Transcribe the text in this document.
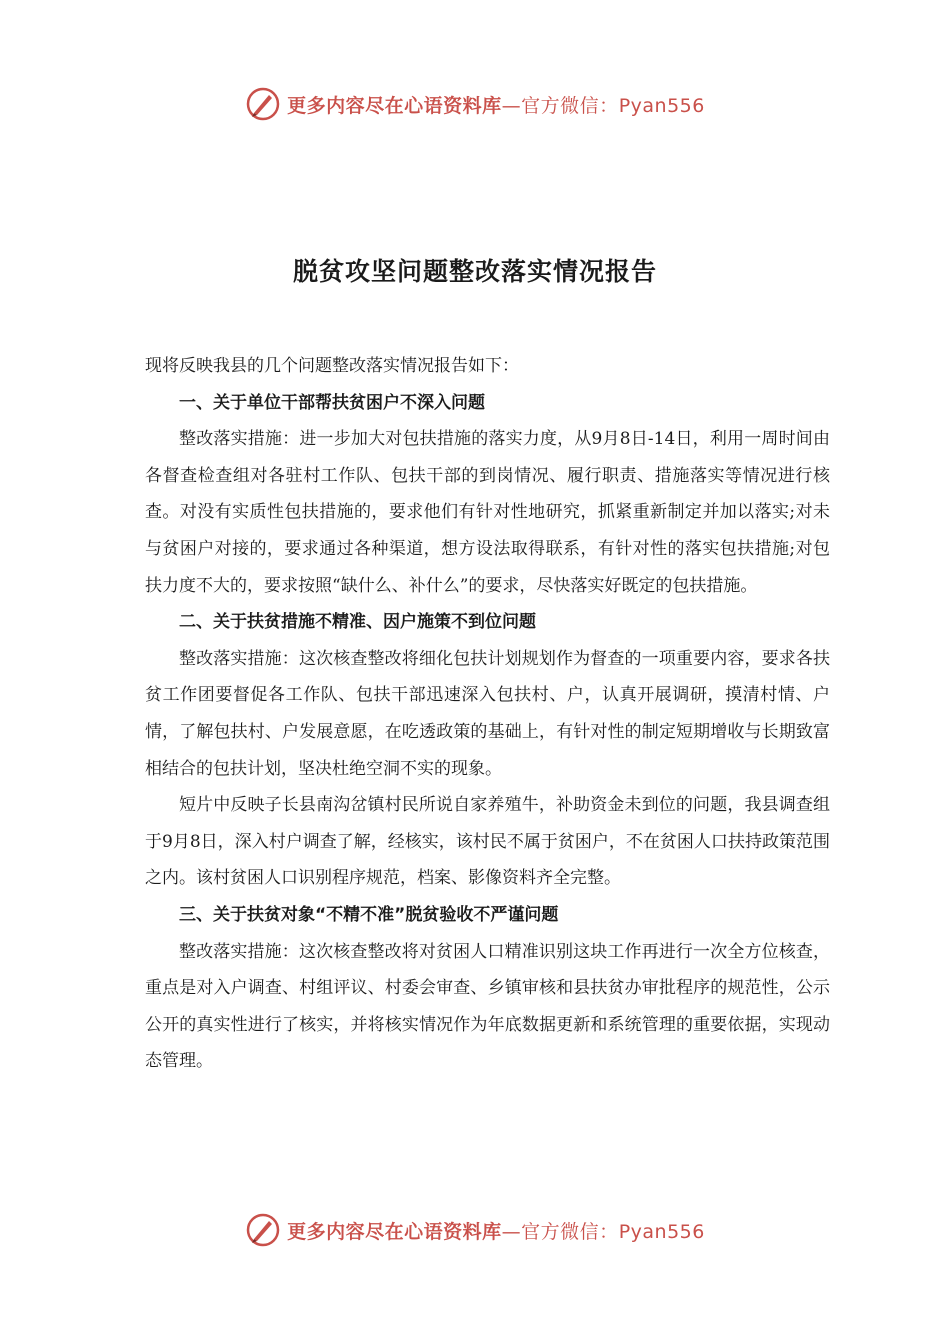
更多内容尽在心语资料库—官方微信：Pyan556
脱贫攻坚问题整改落实情况报告

现将反映我县的几个问题整改落实情况报告如下：

一、关于单位干部帮扶贫困户不深入问题

整改落实措施：进一步加大对包扶措施的落实力度，从9月8日-14日，利用一周时间由各督查检查组对各驻村工作队、包扶干部的到岗情况、履行职责、措施落实等情况进行核查。对没有实质性包扶措施的，要求他们有针对性地研究，抓紧重新制定并加以落实;对未与贫困户对接的，要求通过各种渠道，想方设法取得联系，有针对性的落实包扶措施;对包扶力度不大的，要求按照“缺什么、补什么”的要求，尽快落实好既定的包扶措施。

二、关于扶贫措施不精准、因户施策不到位问题

整改落实措施：这次核查整改将细化包扶计划规划作为督查的一项重要内容，要求各扶贫工作团要督促各工作队、包扶干部迅速深入包扶村、户，认真开展调研，摸清村情、户情，了解包扶村、户发展意愿，在吃透政策的基础上，有针对性的制定短期增收与长期致富相结合的包扶计划，坚决杜绝空洞不实的现象。

短片中反映子长县南沟岔镇村民所说自家养殖牛，补助资金未到位的问题，我县调查组于9月8日，深入村户调查了解，经核实，该村民不属于贫困户，不在贫困人口扶持政策范围之内。该村贫困人口识别程序规范，档案、影像资料齐全完整。

三、关于扶贫对象“不精不准”脱贫验收不严谨问题

整改落实措施：这次核查整改将对贫困人口精准识别这块工作再进行一次全方位核查，重点是对入户调查、村组评议、村委会审查、乡镇审核和县扶贫办审批程序的规范性，公示公开的真实性进行了核实，并将核实情况作为年底数据更新和系统管理的重要依据，实现动态管理。

更多内容尽在心语资料库—官方微信：Pyan556
